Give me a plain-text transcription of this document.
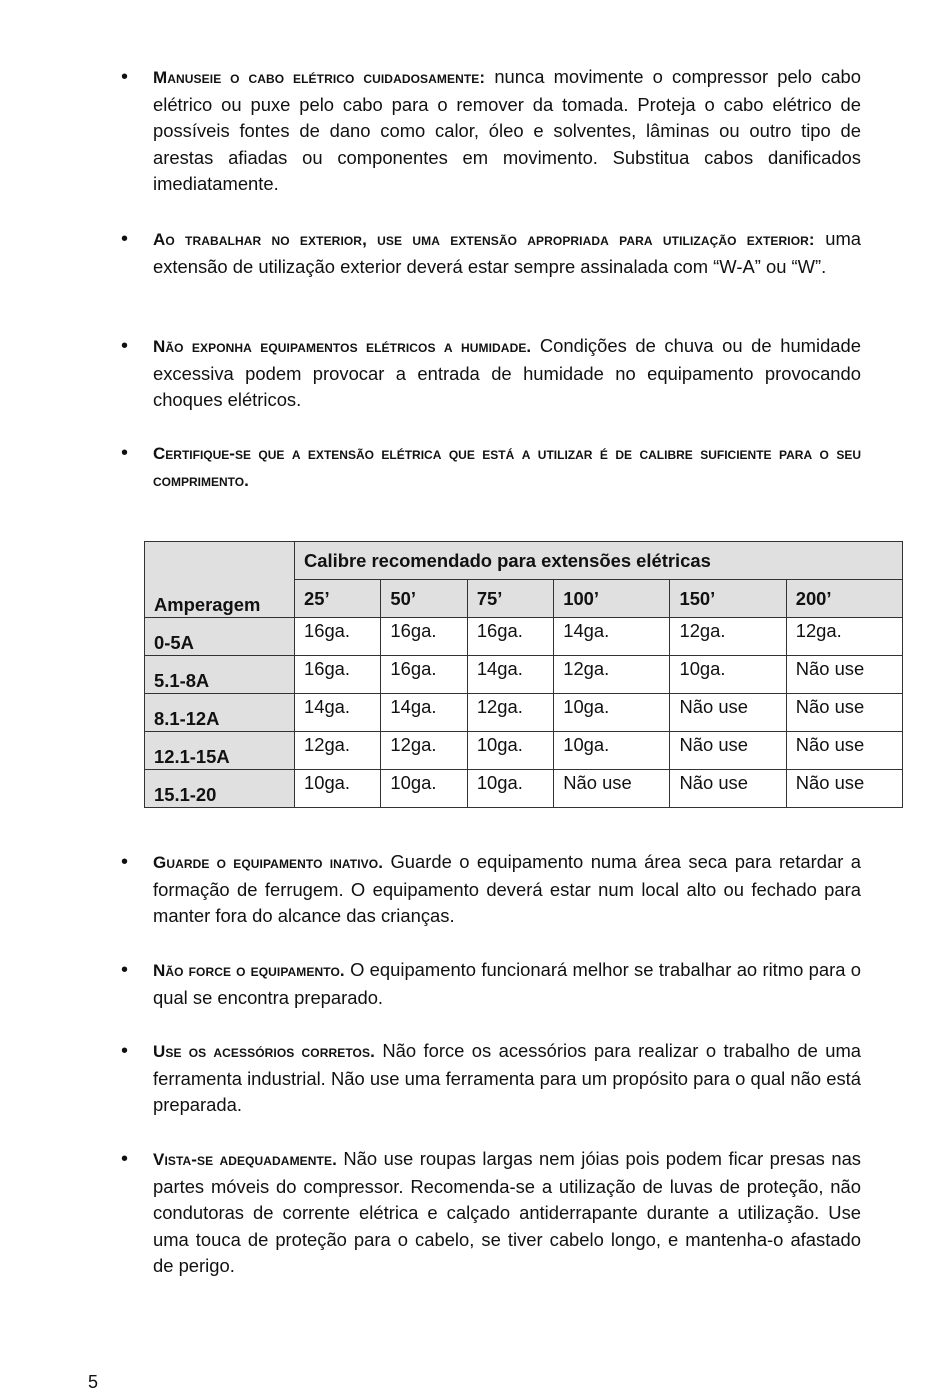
• Manuseie o cabo elétrico cuidadosamente: nunca movimente o compressor pelo cabo elétrico ou puxe pelo cabo para o remover da tomada. Proteja o cabo elétrico de possíveis fontes de dano como calor, óleo e solventes, lâminas ou outro tipo de arestas afiadas ou componentes em movimento. Substitua cabos danificados imediatamente.
• Ao trabalhar no exterior, use uma extensão apropriada para utilização exterior: uma extensão de utilização exterior deverá estar sempre assinalada com “W-A” ou “W”.
• Não exponha equipamentos elétricos a humidade. Condições de chuva ou de humidade excessiva podem provocar a entrada de humidade no equipamento provocando choques elétricos.
• Certifique-se que a extensão elétrica que está a utilizar é de calibre suficiente para o seu comprimento.
Amperagem	Calibre recomendado para extensões elétricas					
	25’	50’	75’	100’	150’	200’
0-5A	16ga.	16ga.	16ga.	14ga.	12ga.	12ga.
5.1-8A	16ga.	16ga.	14ga.	12ga.	10ga.	Não use
8.1-12A	14ga.	14ga.	12ga.	10ga.	Não use	Não use
12.1-15A	12ga.	12ga.	10ga.	10ga.	Não use	Não use
15.1-20	10ga.	10ga.	10ga.	Não use	Não use	Não use
• Guarde o equipamento inativo. Guarde o equipamento numa área seca para retardar a formação de ferrugem. O equipamento deverá estar num local alto ou fechado para manter fora do alcance das crianças.
• Não force o equipamento. O equipamento funcionará melhor se trabalhar ao ritmo para o qual se encontra preparado.
• Use os acessórios corretos. Não force os acessórios para realizar o trabalho de uma ferramenta industrial. Não use uma ferramenta para um propósito para o qual não está preparada.
• Vista-se adequadamente. Não use roupas largas nem jóias pois podem ficar presas nas partes móveis do compressor. Recomenda-se a utilização de luvas de proteção, não condutoras de corrente elétrica e calçado antiderrapante durante a utilização. Use uma touca de proteção para o cabelo, se tiver cabelo longo, e mantenha-o afastado de perigo.
5
